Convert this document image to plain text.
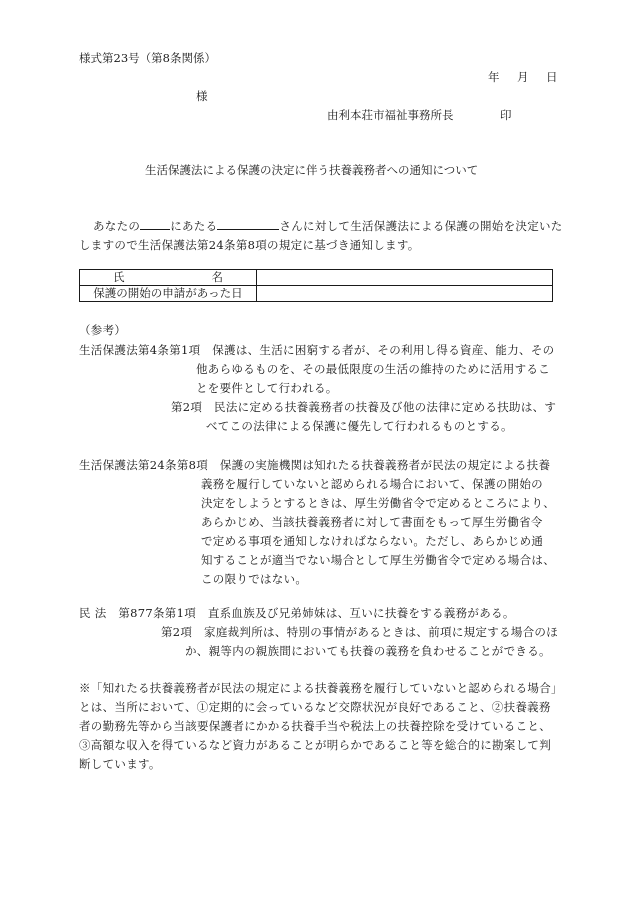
様式第23号（第8条関係）
年　月　日
様
由利本荘市福祉事務所長	印
生活保護法による保護の決定に伴う扶養義務者への通知について
あなたの	にあたる	さんに対して生活保護法による保護の開始を決定いた
しますので生活保護法第24条第8項の規定に基づき通知します。
氏　名	
保護の開始の申請があった日	
（参考）
生活保護法第4条第1項　保護は、生活に困窮する者が、その利用し得る資産、能力、その
他あらゆるものを、その最低限度の生活の維持のために活用するこ
とを要件として行われる。
第2項　民法に定める扶養義務者の扶養及び他の法律に定める扶助は、す
べてこの法律による保護に優先して行われるものとする。
生活保護法第24条第8項　保護の実施機関は知れたる扶養義務者が民法の規定による扶養
義務を履行していないと認められる場合において、保護の開始の
決定をしようとするときは、厚生労働省令で定めるところにより、
あらかじめ、当該扶養義務者に対して書面をもって厚生労働省令
で定める事項を通知しなければならない。ただし、あらかじめ通
知することが適当でない場合として厚生労働省令で定める場合は、
この限りではない。
民 法　第877条第1項　直系血族及び兄弟姉妹は、互いに扶養をする義務がある。
第2項　家庭裁判所は、特別の事情があるときは、前項に規定する場合のほ
か、親等内の親族間においても扶養の義務を負わせることができる。
※「知れたる扶養義務者が民法の規定による扶養義務を履行していないと認められる場合」
とは、当所において、①定期的に会っているなど交際状況が良好であること、②扶養義務
者の勤務先等から当該要保護者にかかる扶養手当や税法上の扶養控除を受けていること、
③高額な収入を得ているなど資力があることが明らかであること等を総合的に勘案して判
断しています。
